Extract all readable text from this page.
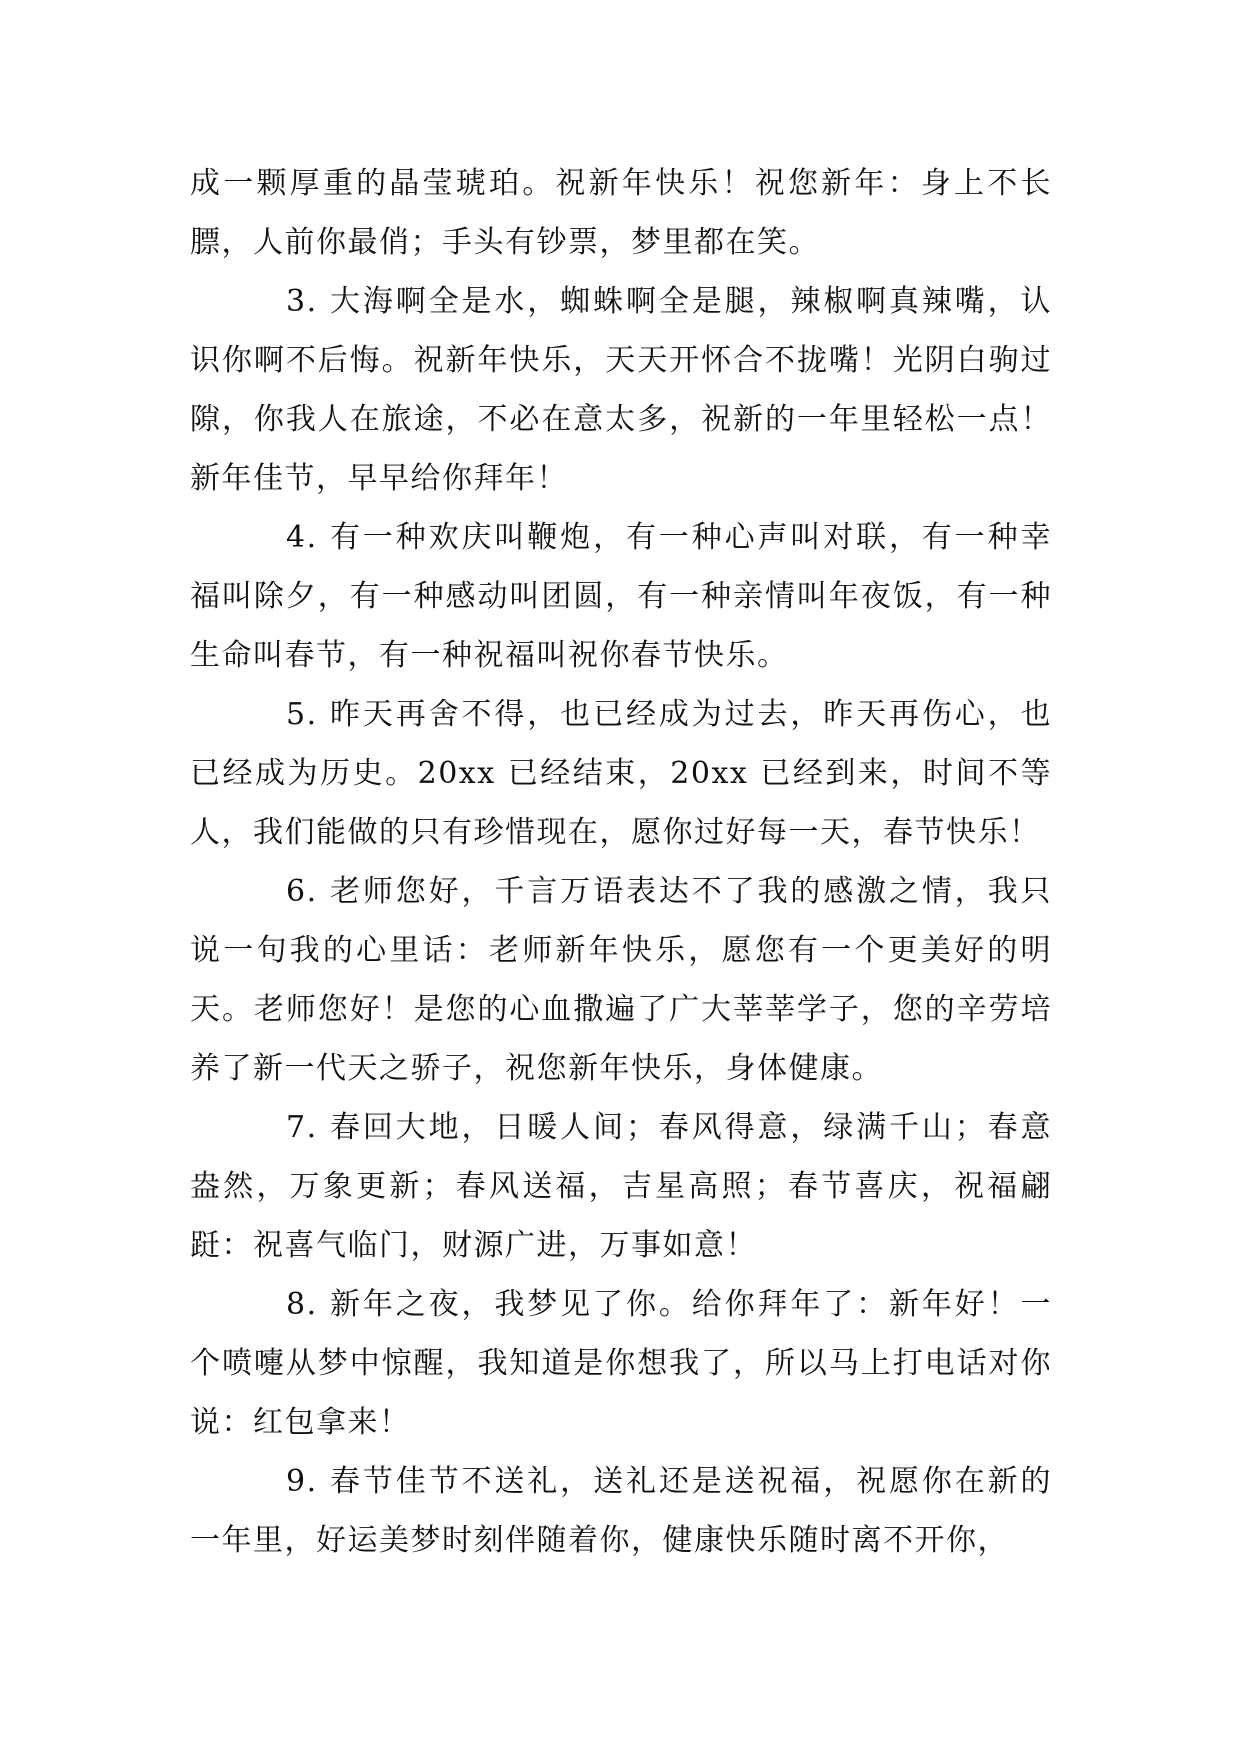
成一颗厚重的晶莹琥珀。祝新年快乐！祝您新年：身上不长膘，人前你最俏；手头有钞票，梦里都在笑。

3. 大海啊全是水，蜘蛛啊全是腿，辣椒啊真辣嘴，认识你啊不后悔。祝新年快乐，天天开怀合不拢嘴！光阴白驹过隙，你我人在旅途，不必在意太多，祝新的一年里轻松一点！新年佳节，早早给你拜年！

4. 有一种欢庆叫鞭炮，有一种心声叫对联，有一种幸福叫除夕，有一种感动叫团圆，有一种亲情叫年夜饭，有一种生命叫春节，有一种祝福叫祝你春节快乐。

5. 昨天再舍不得，也已经成为过去，昨天再伤心，也已经成为历史。20xx 已经结束，20xx 已经到来，时间不等人，我们能做的只有珍惜现在，愿你过好每一天，春节快乐！

6. 老师您好，千言万语表达不了我的感激之情，我只说一句我的心里话：老师新年快乐，愿您有一个更美好的明天。老师您好！是您的心血撒遍了广大莘莘学子，您的辛劳培养了新一代天之骄子，祝您新年快乐，身体健康。

7. 春回大地，日暖人间；春风得意，绿满千山；春意盎然，万象更新；春风送福，吉星高照；春节喜庆，祝福翩跹：祝喜气临门，财源广进，万事如意！

8. 新年之夜，我梦见了你。给你拜年了：新年好！一个喷嚏从梦中惊醒，我知道是你想我了，所以马上打电话对你说：红包拿来！

9. 春节佳节不送礼，送礼还是送祝福，祝愿你在新的一年里，好运美梦时刻伴随着你，健康快乐随时离不开你，
